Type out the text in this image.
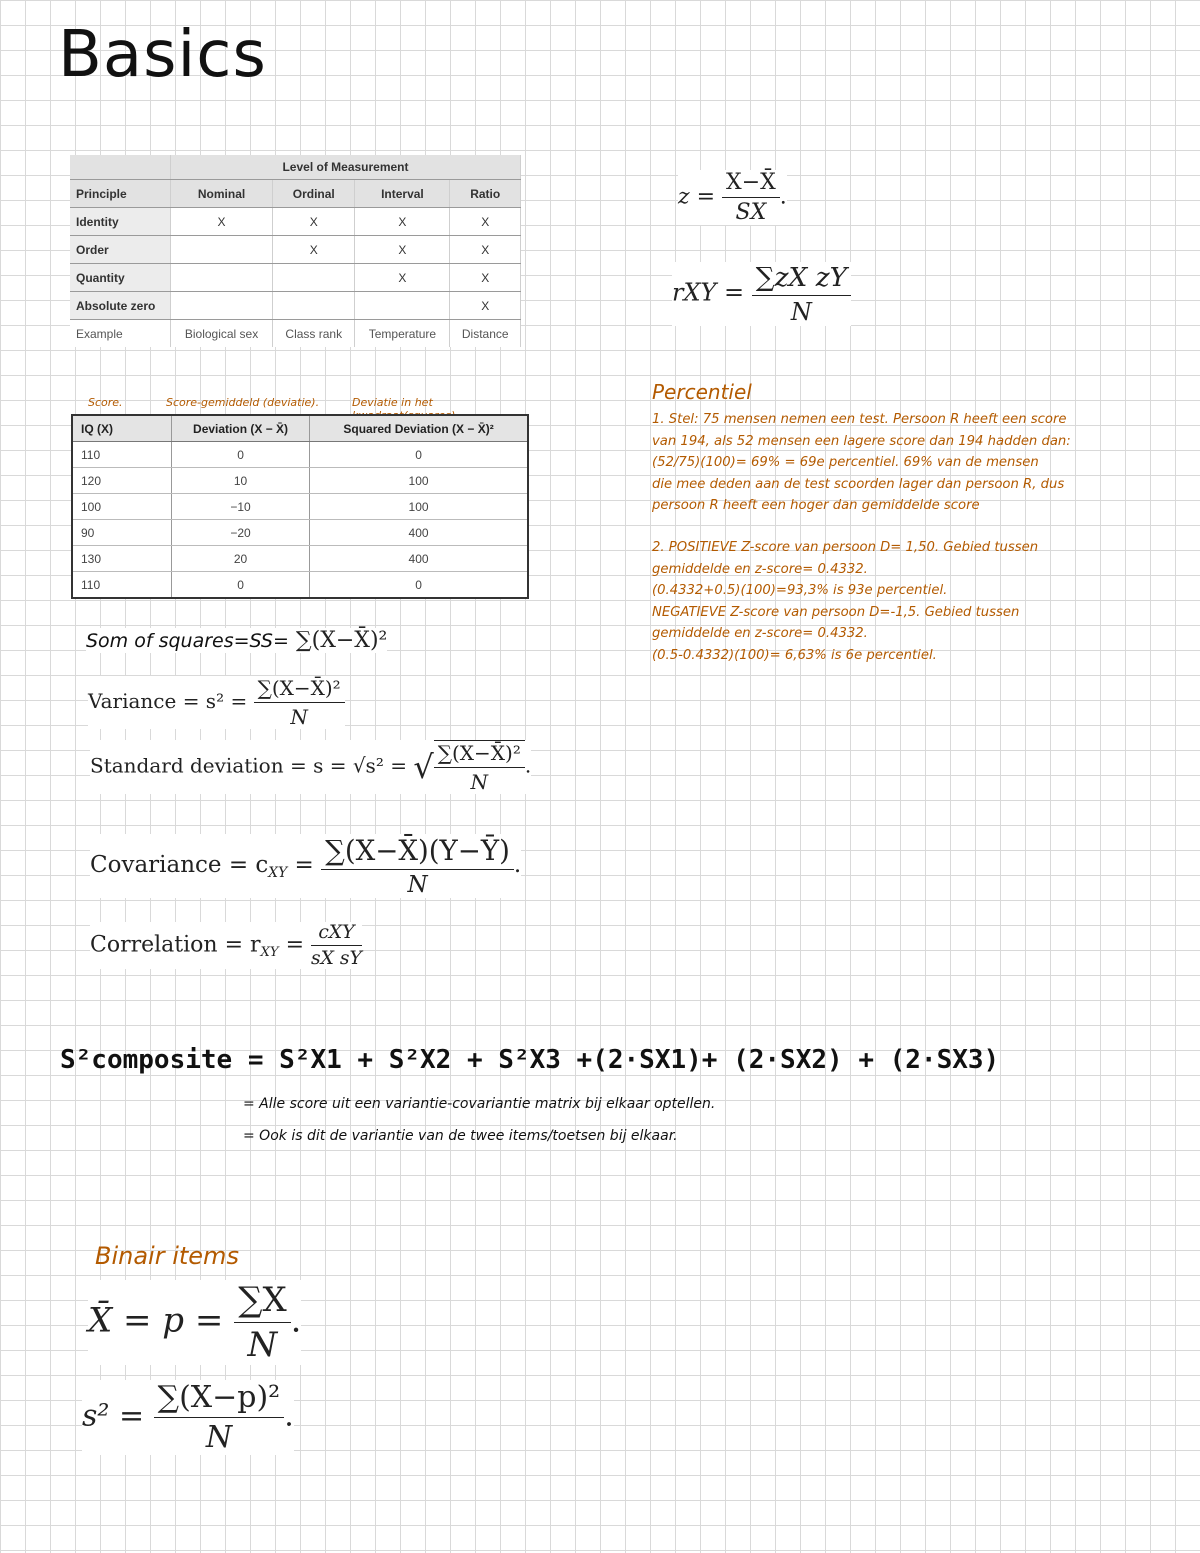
Basics
	Level of Measurement			
Principle	Nominal	Ordinal	Interval	Ratio
Identity	X	X	X	X
Order		X	X	X
Quantity			X	X
Absolute zero				X
Example	Biological sex	Class rank	Temperature	Distance
Score.	Score-gemiddeld (deviatie).	Deviatie in het
IQ (X)	Deviation (X − X̄)	Squared Deviation (X − X̄)²
110	0	0
120	10	100
100	−10	100
90	−20	400
130	20	400
110	0	0
Som of squares=SS= ∑(X−X̄)²
Variance = $s^2 = \frac{\text{∑(X−X̄)²}}{N}$
Standard deviation = s = √s² = √ $\frac{\text{∑(X−X̄)²}}{N}$ .
Covariance = $c_{XY} = \frac{\sum(X-X̄)(Y-Ȳ)}{N}$ .
Correlation = $r_{XY} = \frac{\text{cXY}}{\text{sX sY}}$
$z = \frac{X-X̄}{SX}$ .
rXY = $\frac{\text{∑zX zY}}{N}$
Percentiel
1. Stel: 75 mensen nemen een test. Persoon R heeft een score
van 194, als 52 mensen een lagere score dan 194 hadden dan:
(52/75)(100)= 69% = 69e percentiel. 69% van de mensen
die mee deden aan de test scoorden lager dan persoon R, dus
persoon R heeft een hoger dan gemiddelde score
2. POSITIEVE Z-score van persoon D= 1,50. Gebied tussen
gemiddelde en z-score= 0.4332.
(0.4332+0.5)(100)=93,3% is 93e percentiel.
NEGATIEVE Z-score van persoon D=-1,5. Gebied tussen
gemiddelde en z-score= 0.4332.
(0.5-0.4332)(100)= 6,63% is 6e percentiel.
S²composite = S²X1 + S²X2 + S²X3 +(2·SX1)+ (2·SX2) + (2·SX3)
= Alle score uit een variantie-covariantie matrix bij elkaar optellen.
= Ook is dit de variantie van de twee items/toetsen bij elkaar.
Binair items
X̄ = $p = \frac{\sum X}{N}$ .
$s^2 = \frac{\text{∑(X−p)²}}{N}$ .
